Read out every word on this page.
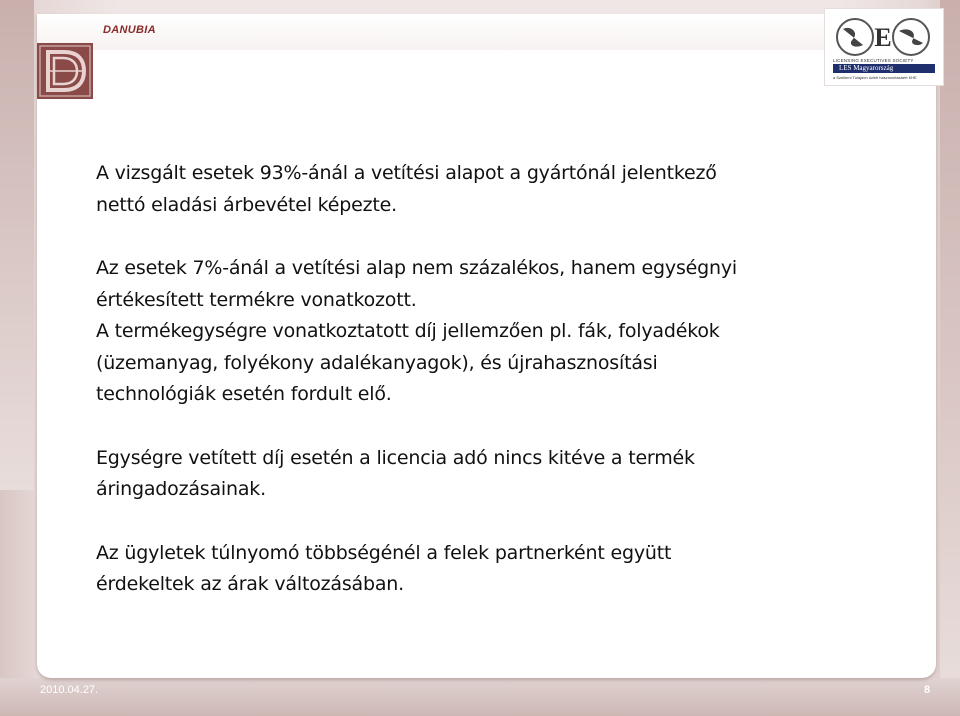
DANUBIA	E
LICENSING EXECUTIVES SOCIETY
LES Magyarország
a Szellemi Tulajdon üzleti hasznosításáért KHE

A vizsgált esetek 93%-ánál a vetítési alapot a gyártónál jelentkező
nettó eladási árbevétel képezte.

Az esetek 7%-ánál a vetítési alap nem százalékos, hanem egységnyi
értékesített termékre vonatkozott.
A termékegységre vonatkoztatott díj jellemzően pl. fák, folyadékok
(üzemanyag, folyékony adalékanyagok), és újrahasznosítási
technológiák esetén fordult elő.

Egységre vetített díj esetén a licencia adó nincs kitéve a termék
áringadozásainak.

Az ügyletek túlnyomó többségénél a felek partnerként együtt
érdekeltek az árak változásában.

2010.04.27.	8
